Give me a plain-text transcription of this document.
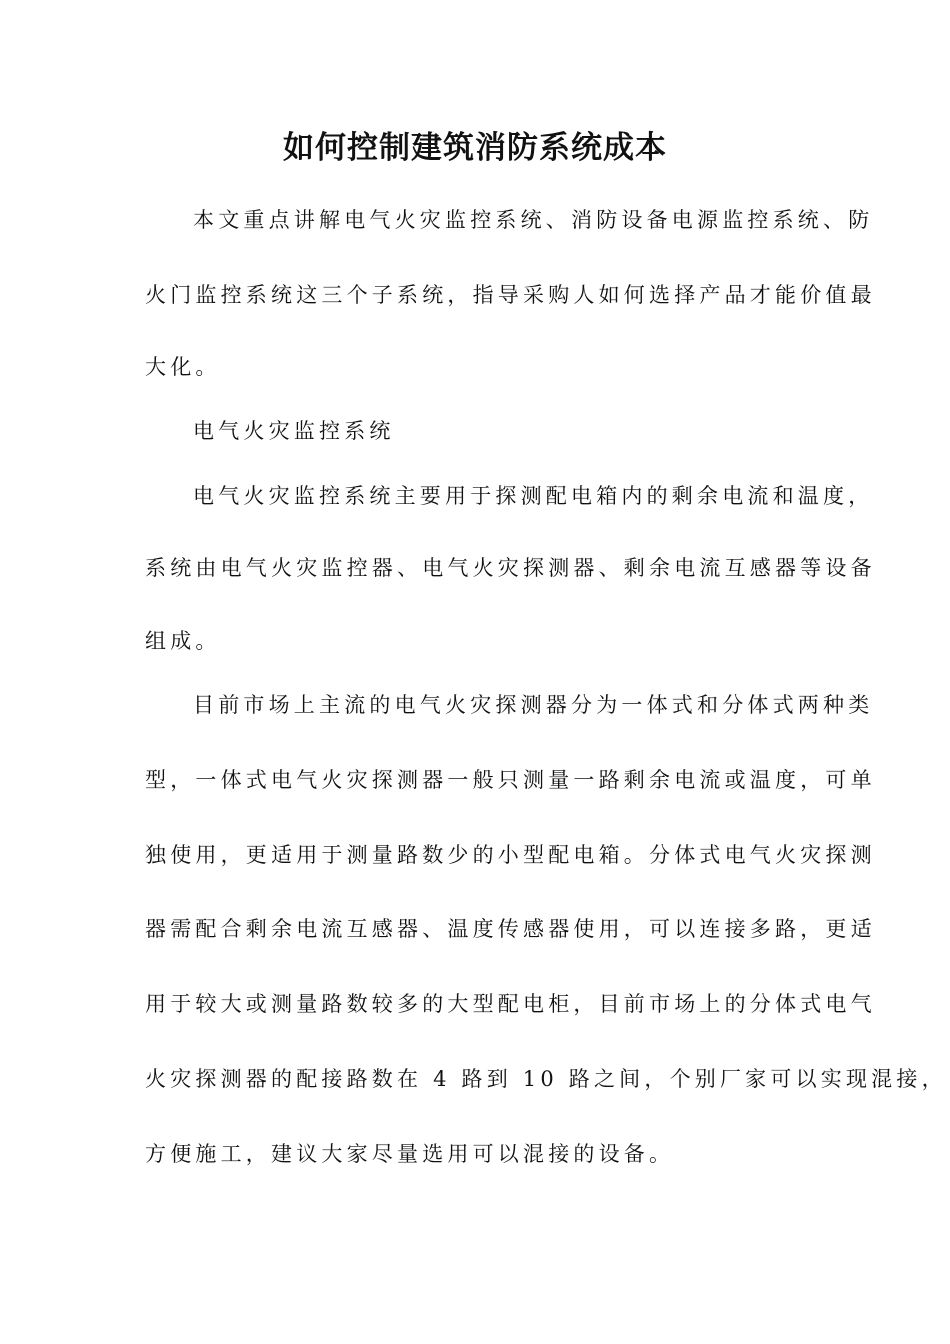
如何控制建筑消防系统成本
本文重点讲解电气火灾监控系统、消防设备电源监控系统、防
火门监控系统这三个子系统，指导采购人如何选择产品才能价值最
大化。
电气火灾监控系统
电气火灾监控系统主要用于探测配电箱内的剩余电流和温度，
系统由电气火灾监控器、电气火灾探测器、剩余电流互感器等设备
组成。
目前市场上主流的电气火灾探测器分为一体式和分体式两种类
型，一体式电气火灾探测器一般只测量一路剩余电流或温度，可单
独使用，更适用于测量路数少的小型配电箱。分体式电气火灾探测
器需配合剩余电流互感器、温度传感器使用，可以连接多路，更适
用于较大或测量路数较多的大型配电柜，目前市场上的分体式电气
火灾探测器的配接路数在 4 路到 10 路之间，个别厂家可以实现混接，
方便施工，建议大家尽量选用可以混接的设备。
